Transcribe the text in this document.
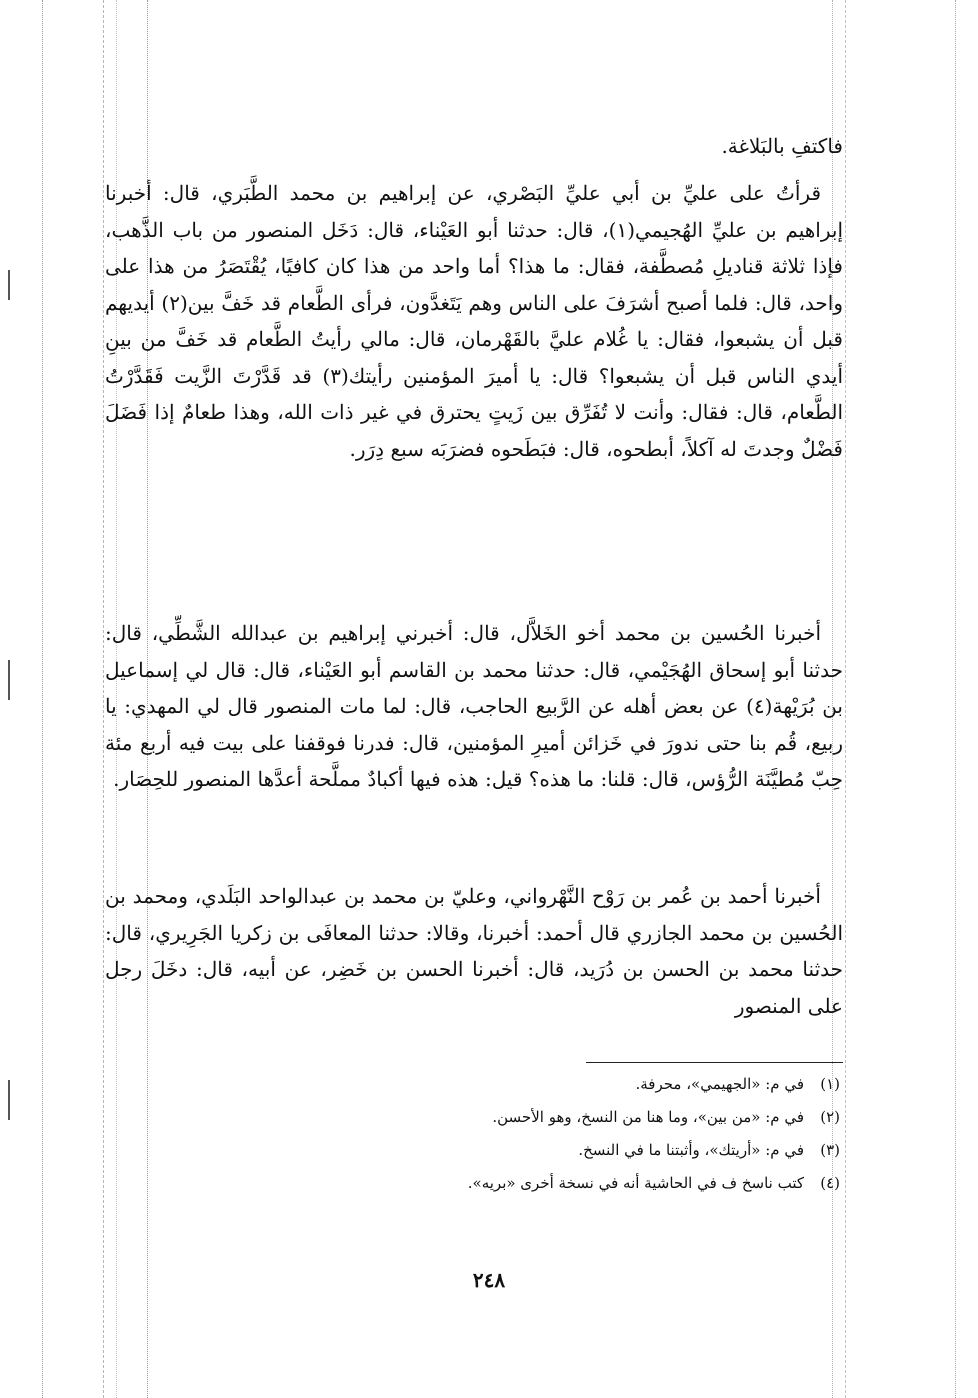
فاكتفِ بالبَلاغة.

قرأتُ على عليِّ بن أبي عليِّ البَصْري، عن إبراهيم بن محمد الطَّبَري، قال: أخبرنا إبراهيم بن عليِّ الهُجيمي(١)، قال: حدثنا أبو العَيْناء، قال: دَخَل المنصور من باب الذَّهب، فإذا ثلاثة قناديلِ مُصطَّفة، فقال: ما هذا؟ أما واحد من هذا كان كافيًا، يُقْتَصَرُ من هذا على واحد، قال: فلما أصبح أشرَفَ على الناس وهم يَتَغدَّون، فرأى الطَّعام قد خَفَّ بين(٢) أيديهم قبل أن يشبعوا، فقال: يا غُلام عليَّ بالقَهْرمان، قال: مالي رأيتُ الطَّعام قد خَفَّ من بينِ أيدي الناس قبل أن يشبعوا؟ قال: يا أميرَ المؤمنين رأيتك(٣) قد قَدَّرْتَ الزَّيت فَقَدَّرْتُ الطَّعام، قال: فقال: وأنت لا تُفَرِّق بين زَيتٍ يحترق في غير ذات الله، وهذا طعامٌ إذا فَضَلَ فَضْلٌ وجدتَ له آكلاً، أبطحوه، قال: فبَطَحوه فضرَبَه سبع دِرَر.

أخبرنا الحُسين بن محمد أخو الخَلاَّل، قال: أخبرني إبراهيم بن عبدالله الشَّطِّي، قال: حدثنا أبو إسحاق الهُجَيْمي، قال: حدثنا محمد بن القاسم أبو العَيْناء، قال: قال لي إسماعيل بن بُرَيْهة(٤) عن بعض أهله عن الرَّبيع الحاجب، قال: لما مات المنصور قال لي المهدي: يا ربيع، قُم بنا حتى ندورَ في خَزائن أميرِ المؤمنين، قال: فدرنا فوقفنا على بيت فيه أربع مئة حِبّ مُطيَّنَة الرُّؤس، قال: قلنا: ما هذه؟ قيل: هذه فيها أكبادٌ مملَّحة أعدَّها المنصور للحِصَار.

أخبرنا أحمد بن عُمر بن رَوْح النَّهْرواني، وعليّ بن محمد بن عبدالواحد البَلَدي، ومحمد بن الحُسين بن محمد الجازري قال أحمد: أخبرنا، وقالا: حدثنا المعافَى بن زكريا الجَرِيري، قال: حدثنا محمد بن الحسن بن دُرَيد، قال: أخبرنا الحسن بن خَضِر، عن أبيه، قال: دخَلَ رجل على المنصور

(١)في م: «الجهيمي»، محرفة.
(٢)في م: «من بين»، وما هنا من النسخ، وهو الأحسن.
(٣)في م: «أريتك»، وأثبتنا ما في النسخ.
(٤)كتب ناسخ ف في الحاشية أنه في نسخة أخرى «بريه».
٢٤٨
